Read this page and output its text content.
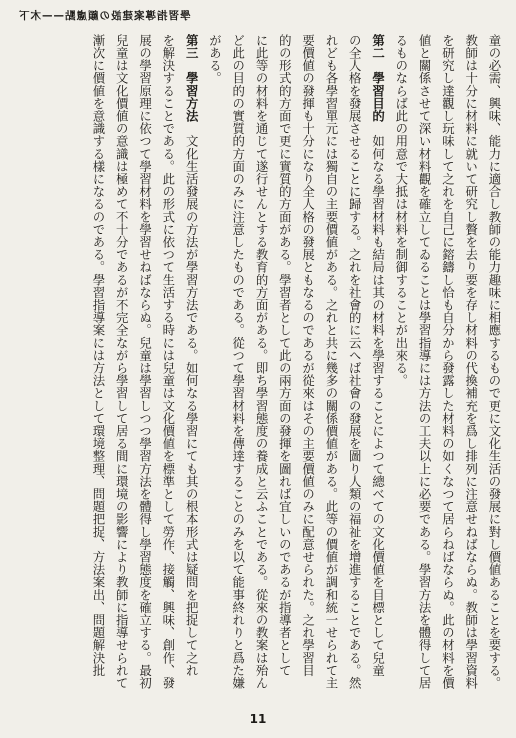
學習指導案建設の顧慮點——木下
童の必需、興味、能力に適合し教師の能力趣味に相應するもので更に文化生活の發展に對し價値あることを要する。
教師は十分に材料に就いて研究し贅を去り要を存し材料の代換補充を爲し排列に注意せねばならぬ。教師は學習資料
を研究し達觀し玩味して之れを自己に鎔鑄し恰も自分から發露した材料の如くなつて居らねばならぬ。此の材料を價
値と關係させて深い材料觀を確立してゐることは學習指導には方法の工夫以上に必要である。學習方法を體得して居
るものならば此の用意で大抵は材料を制御することが出來る。
第二　學習目的　如何なる學習材料も結局は其の材料を學習することによつて總べての文化價値を目標として兒童
の全人格を發展させることに歸する。之れを社會的に云へば社會の發展を圖り人類の福祉を增進することである。然
れども各學習單元には獨自の主要價値がある。之れと共に幾多の關係價値がある。此等の價値が調和統一せられて主
要價値の發揮も十分になり全人格の發展ともなるのであるが從來はその主要價値のみに配意せられた。之れ學習目
的の形式的方面で更に實質的方面がある。學習者として此の兩方面の發揮を圖れば宜しいのであるが指導者として
に此等の材料を通じて遂行せんとする教育的方面がある。即ち學習態度の養成と云ふことである。從來の教案は殆ん
ど此の目的の實質的方面のみに注意したものである。從つて學習材料を傳達することのみを以て能事終れりと爲た嫌
がある。
第三　學習方法　文化生活發展の方法が學習方法である。如何なる學習にても其の根本形式は疑問を把捉して之れ
を解決することである。此の形式に依つて生活する時には兒童は文化價値を標準として勞作、接觸、興味、創作、發
展の學習原理に依つて學習材料を學習せねばならぬ。兒童は學習しつつ學習方法を體得し學習態度を確立する。最初
兒童は文化價値の意識は極めて不十分であるが不完全ながら學習して居る間に環境の影響により教師に指導せられて
漸次に價値を意識する樣になるのである。學習指導案には方法として環境整理、問題把捉、方法案出、問題解決批
11
